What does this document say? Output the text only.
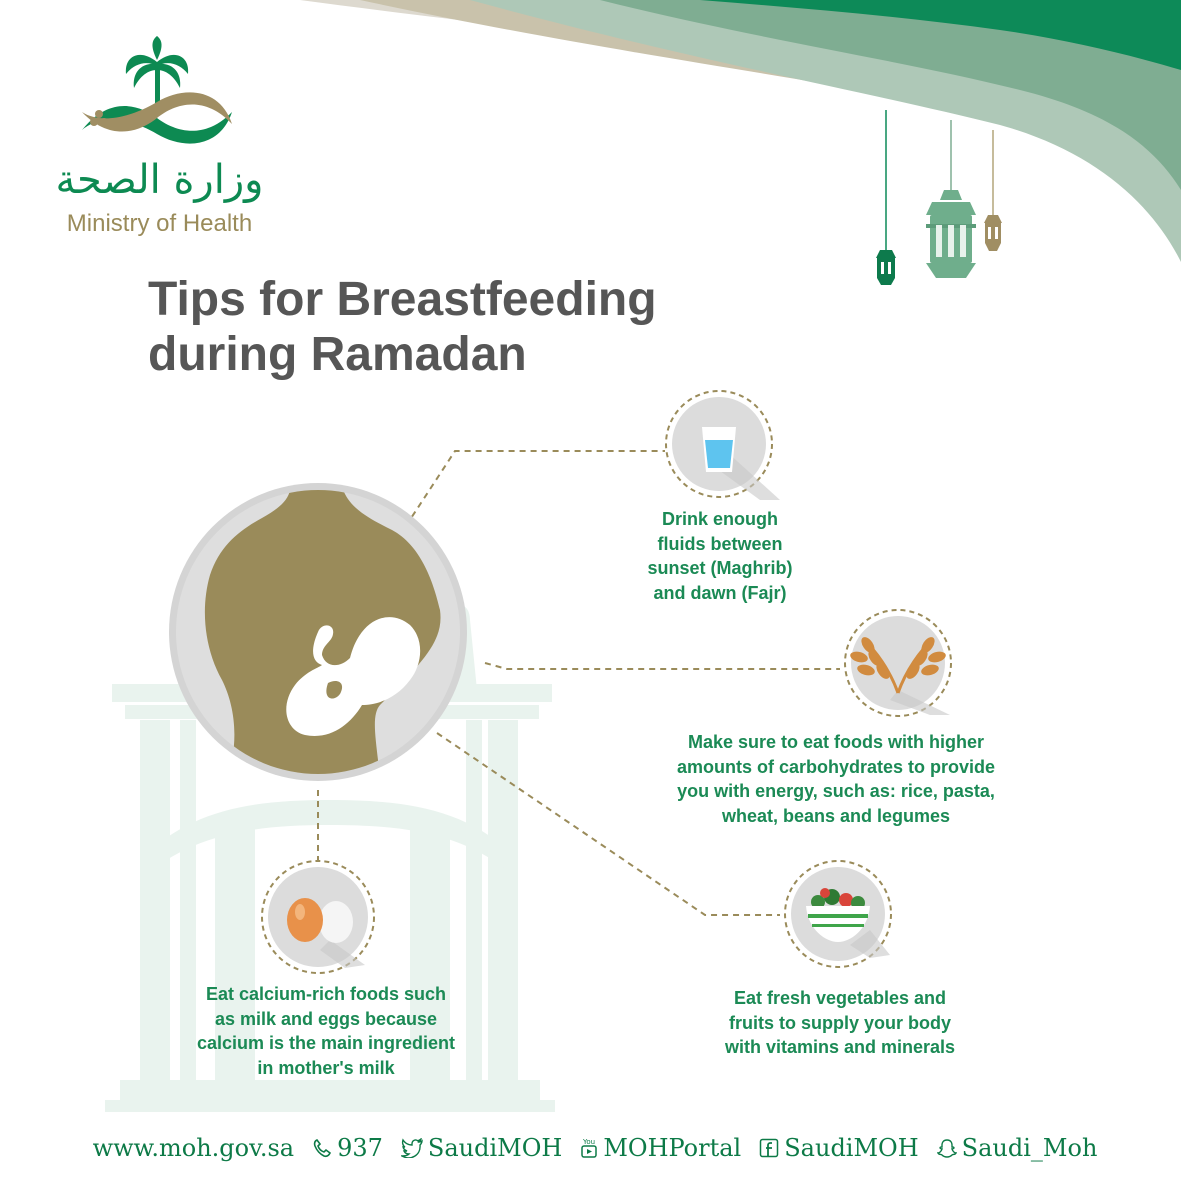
وزارة الصحة
Ministry of Health
Tips for Breastfeeding
during Ramadan
Drink enough
fluids between
sunset (Maghrib)
and dawn (Fajr)
Make sure to eat foods with higher
amounts of carbohydrates to provide
you with energy, such as: rice, pasta,
wheat, beans and legumes
Eat fresh vegetables and
fruits to supply your body
with vitamins and minerals
Eat calcium-rich foods such
as milk and eggs because
calcium is the main ingredient
in mother's milk
www.moh.gov.sa 937 SaudiMOH	You MOHPortal SaudiMOH Saudi_Moh
